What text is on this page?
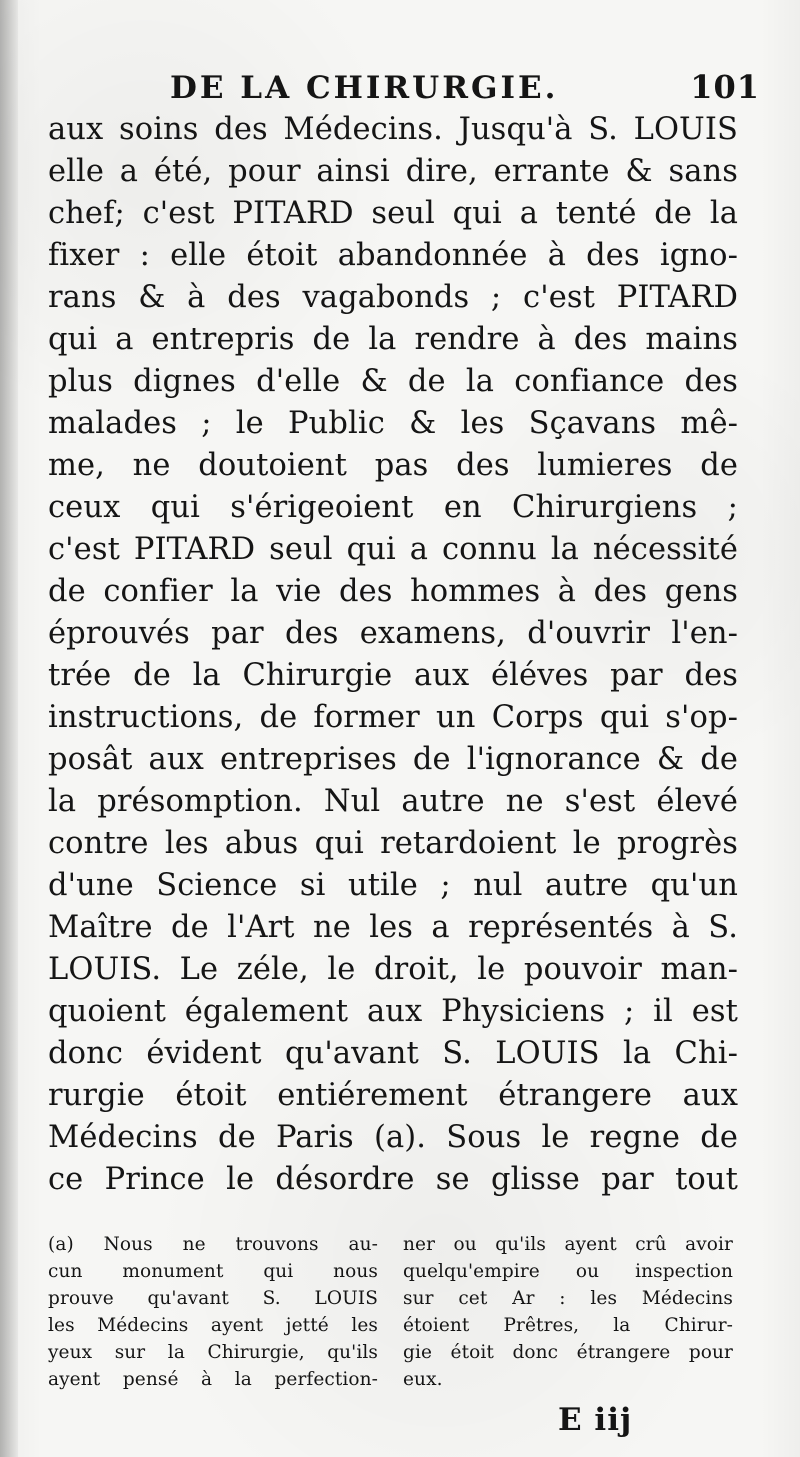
DE LA CHIRURGIE.	101
aux soins des Médecins. Jusqu'à S. LOUIS
elle a été, pour ainsi dire, errante & sans
chef; c'est PITARD seul qui a tenté de la
fixer : elle étoit abandonnée à des igno-
rans & à des vagabonds ; c'est PITARD
qui a entrepris de la rendre à des mains
plus dignes d'elle & de la confiance des
malades ; le Public & les Sçavans mê-
me, ne doutoient pas des lumieres de
ceux qui s'érigeoient en Chirurgiens ;
c'est PITARD seul qui a connu la nécessité
de confier la vie des hommes à des gens
éprouvés par des examens, d'ouvrir l'en-
trée de la Chirurgie aux éléves par des
instructions, de former un Corps qui s'op-
posât aux entreprises de l'ignorance & de
la présomption. Nul autre ne s'est élevé
contre les abus qui retardoient le progrès
d'une Science si utile ; nul autre qu'un
Maître de l'Art ne les a représentés à S.
LOUIS. Le zéle, le droit, le pouvoir man-
quoient également aux Physiciens ; il est
donc évident qu'avant S. LOUIS la Chi-
rurgie étoit entiérement étrangere aux
Médecins de Paris (a). Sous le regne de
ce Prince le désordre se glisse par tout
(a) Nous ne trouvons au-
cun monument qui nous
prouve qu'avant S. LOUIS
les Médecins ayent jetté les
yeux sur la Chirurgie, qu'ils
ayent pensé à la perfection-
ner ou qu'ils ayent crû avoir
quelqu'empire ou inspection
sur cet Ar : les Médecins
étoient Prêtres, la Chirur-
gie étoit donc étrangere pour
eux.
E iij
